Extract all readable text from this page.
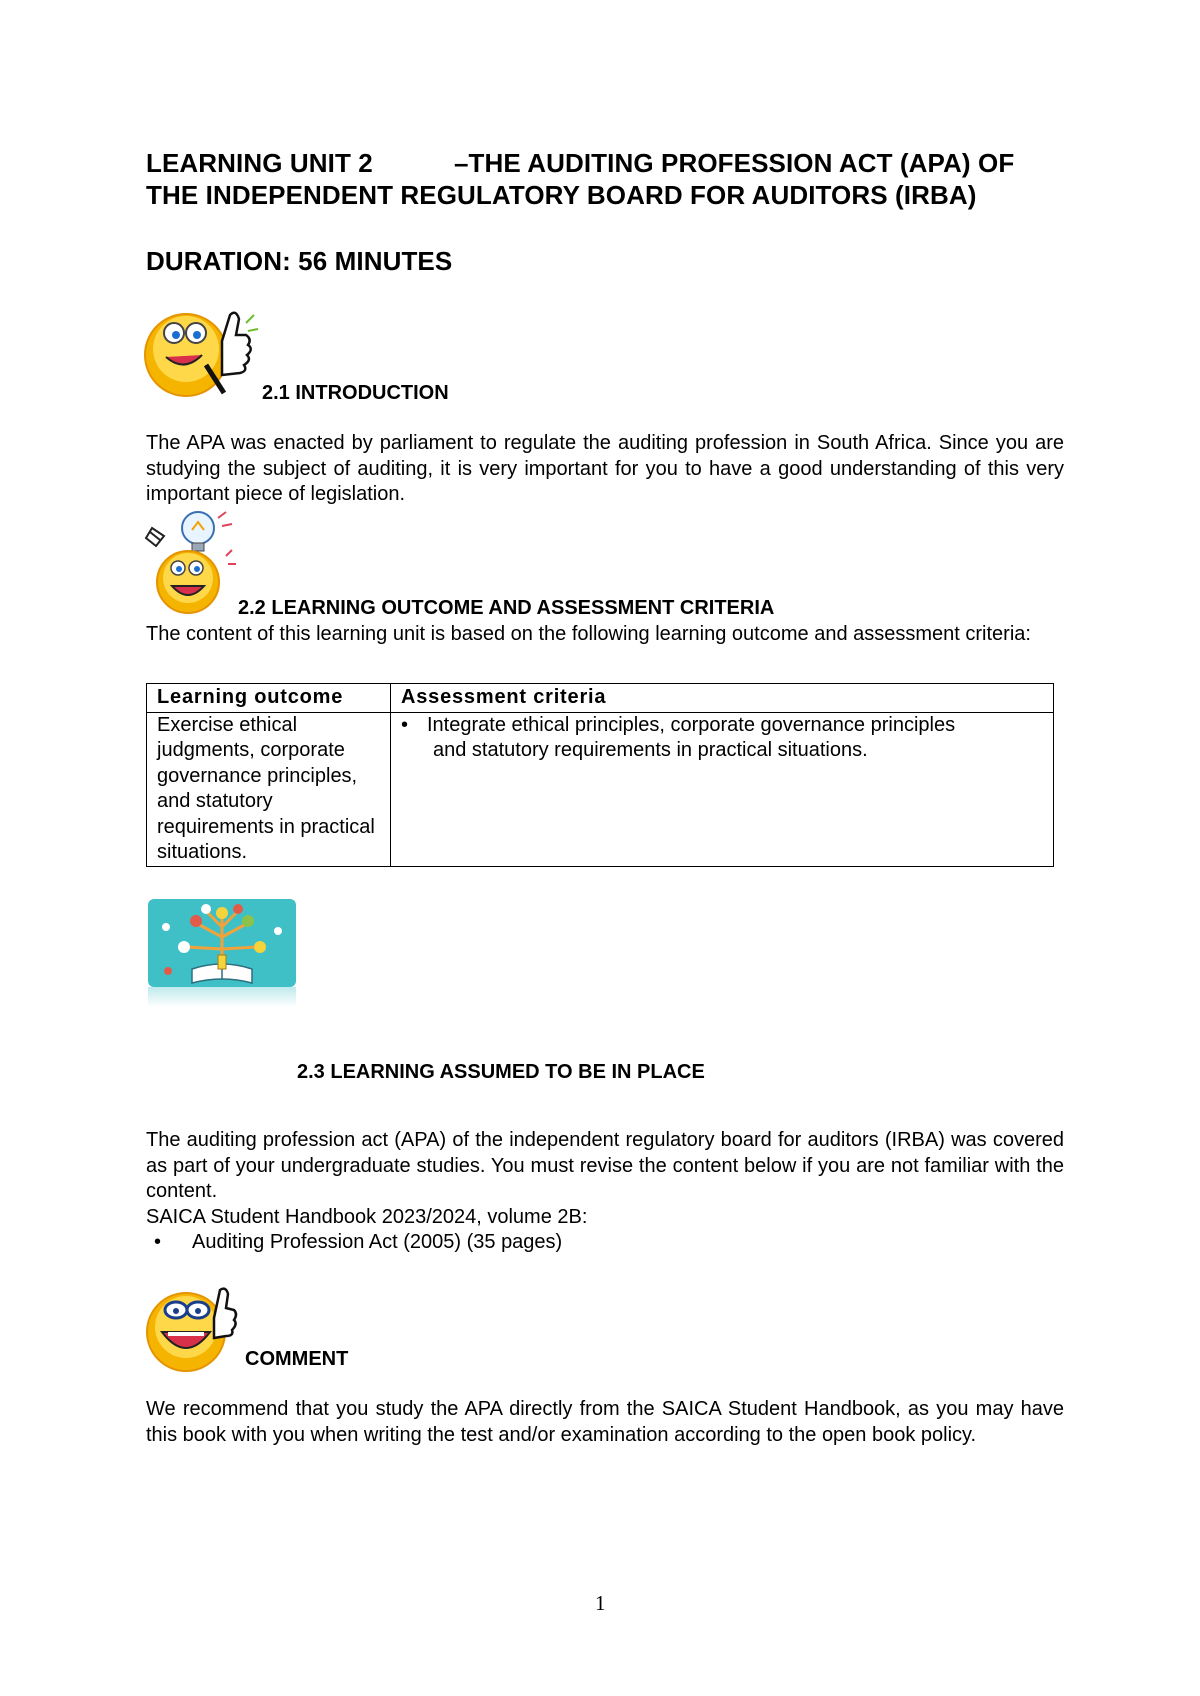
LEARNING UNIT 2	–THE AUDITING PROFESSION ACT (APA) OF
THE INDEPENDENT REGULATORY BOARD FOR AUDITORS (IRBA)
DURATION: 56 MINUTES
2.1 INTRODUCTION
The APA was enacted by parliament to regulate the auditing profession in South Africa. Since you are studying the subject of auditing, it is very important for you to have a good understanding of this very important piece of legislation.
2.2 LEARNING OUTCOME AND ASSESSMENT CRITERIA
The content of this learning unit is based on the following learning outcome and assessment criteria:
Learning outcome	Assessment criteria
Exercise ethical judgments, corporate governance principles, and statutory requirements in practical situations.	• Integrate ethical principles, corporate governance principles
and statutory requirements in practical situations.
2.3 LEARNING ASSUMED TO BE IN PLACE
The auditing profession act (APA) of the independent regulatory board for auditors (IRBA) was covered as part of your undergraduate studies. You must revise the content below if you are not familiar with the content.
SAICA Student Handbook 2023/2024, volume 2B:
• Auditing Profession Act (2005) (35 pages)
COMMENT
We recommend that you study the APA directly from the SAICA Student Handbook, as you may have this book with you when writing the test and/or examination according to the open book policy.
1
